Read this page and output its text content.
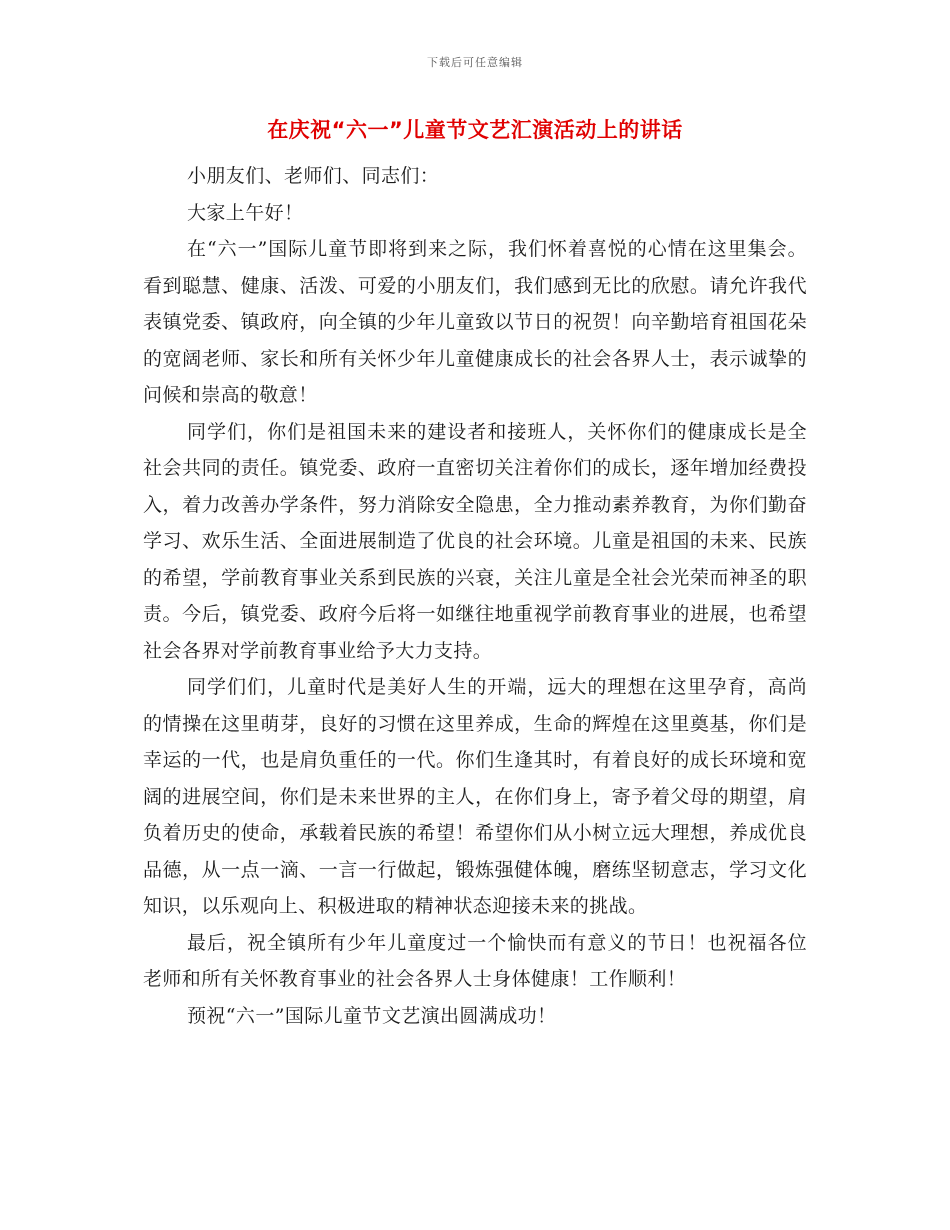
下载后可任意编辑
在庆祝“六一”儿童节文艺汇演活动上的讲话

小朋友们、老师们、同志们：

大家上午好！

在“六一”国际儿童节即将到来之际，我们怀着喜悦的心情在这里集会。看到聪慧、健康、活泼、可爱的小朋友们，我们感到无比的欣慰。请允许我代表镇党委、镇政府，向全镇的少年儿童致以节日的祝贺！向辛勤培育祖国花朵的宽阔老师、家长和所有关怀少年儿童健康成长的社会各界人士，表示诚挚的问候和崇高的敬意！

同学们，你们是祖国未来的建设者和接班人，关怀你们的健康成长是全社会共同的责任。镇党委、政府一直密切关注着你们的成长，逐年增加经费投入，着力改善办学条件，努力消除安全隐患，全力推动素养教育，为你们勤奋学习、欢乐生活、全面进展制造了优良的社会环境。儿童是祖国的未来、民族的希望，学前教育事业关系到民族的兴衰，关注儿童是全社会光荣而神圣的职责。今后，镇党委、政府今后将一如继往地重视学前教育事业的进展，也希望社会各界对学前教育事业给予大力支持。

同学们们，儿童时代是美好人生的开端，远大的理想在这里孕育，高尚的情操在这里萌芽，良好的习惯在这里养成，生命的辉煌在这里奠基，你们是幸运的一代，也是肩负重任的一代。你们生逢其时，有着良好的成长环境和宽阔的进展空间，你们是未来世界的主人，在你们身上，寄予着父母的期望，肩负着历史的使命，承载着民族的希望！希望你们从小树立远大理想，养成优良品德，从一点一滴、一言一行做起，锻炼强健体魄，磨练坚韧意志，学习文化知识，以乐观向上、积极进取的精神状态迎接未来的挑战。

最后，祝全镇所有少年儿童度过一个愉快而有意义的节日！也祝福各位老师和所有关怀教育事业的社会各界人士身体健康！工作顺利！

预祝“六一”国际儿童节文艺演出圆满成功！
